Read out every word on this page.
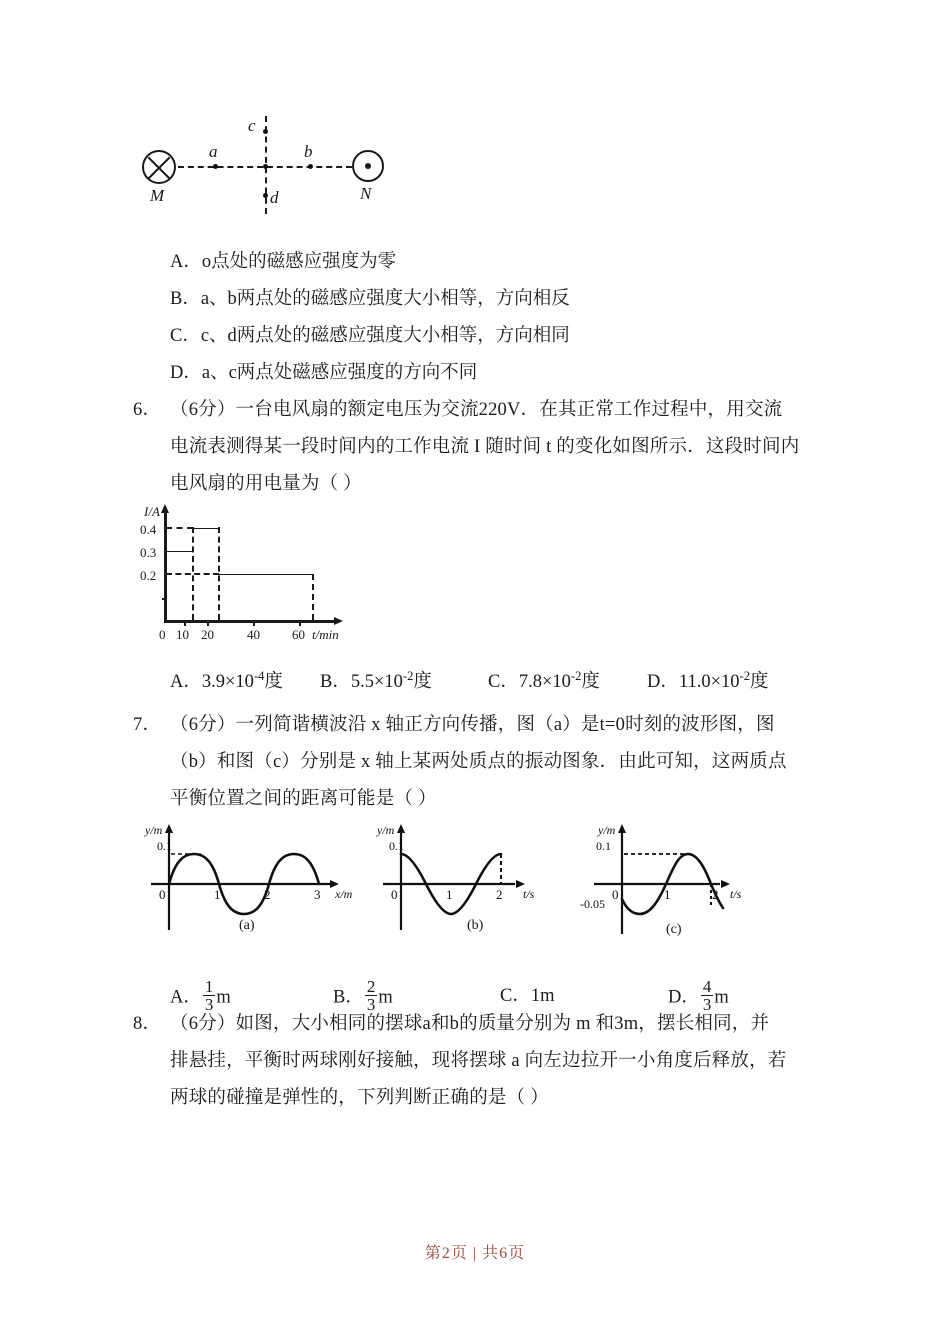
M	N
a	b
c
d
A．o点处的磁感应强度为零
B．a、b两点处的磁感应强度大小相等，方向相反
C．c、d两点处的磁感应强度大小相等，方向相同
D．a、c两点处磁感应强度的方向不同
6． （6分）一台电风扇的额定电压为交流220V．在其正常工作过程中，用交流
电流表测得某一段时间内的工作电流 I 随时间 t 的变化如图所示．这段时间内
电风扇的用电量为（ ）
I/A
0.4
0.3
0.2
0 10 20	40 60 t/min
A．$3.9\times 10^{-4}$度 B．$5.5\times 10^{-2}$度	C．$7.8\times 10^{-2}$度	D．$11.0\times 10^{-2}$度
7． （6分）一列简谐横波沿 x 轴正方向传播，图（a）是t=0时刻的波形图，图
（b）和图（c）分别是 x 轴上某两处质点的振动图象．由此可知，这两质点
平衡位置之间的距离可能是（ ）
0.1
0	1	2	3
y/m
x/m
(a)
0.1
0	1	2
y/m
t/s
(b)
0.1
-0.05
0	1	2
y/m
t/s
(c)
A． $\frac{1}{3}$ m	B． $\frac{2}{3}$ m	C．1m	D． $\frac{4}{3}$ m
8． （6分）如图，大小相同的摆球a和b的质量分别为 m 和3m，摆长相同，并
排悬挂，平衡时两球刚好接触，现将摆球 a 向左边拉开一小角度后释放，若
两球的碰撞是弹性的，下列判断正确的是（ ）
第2页 | 共6页
